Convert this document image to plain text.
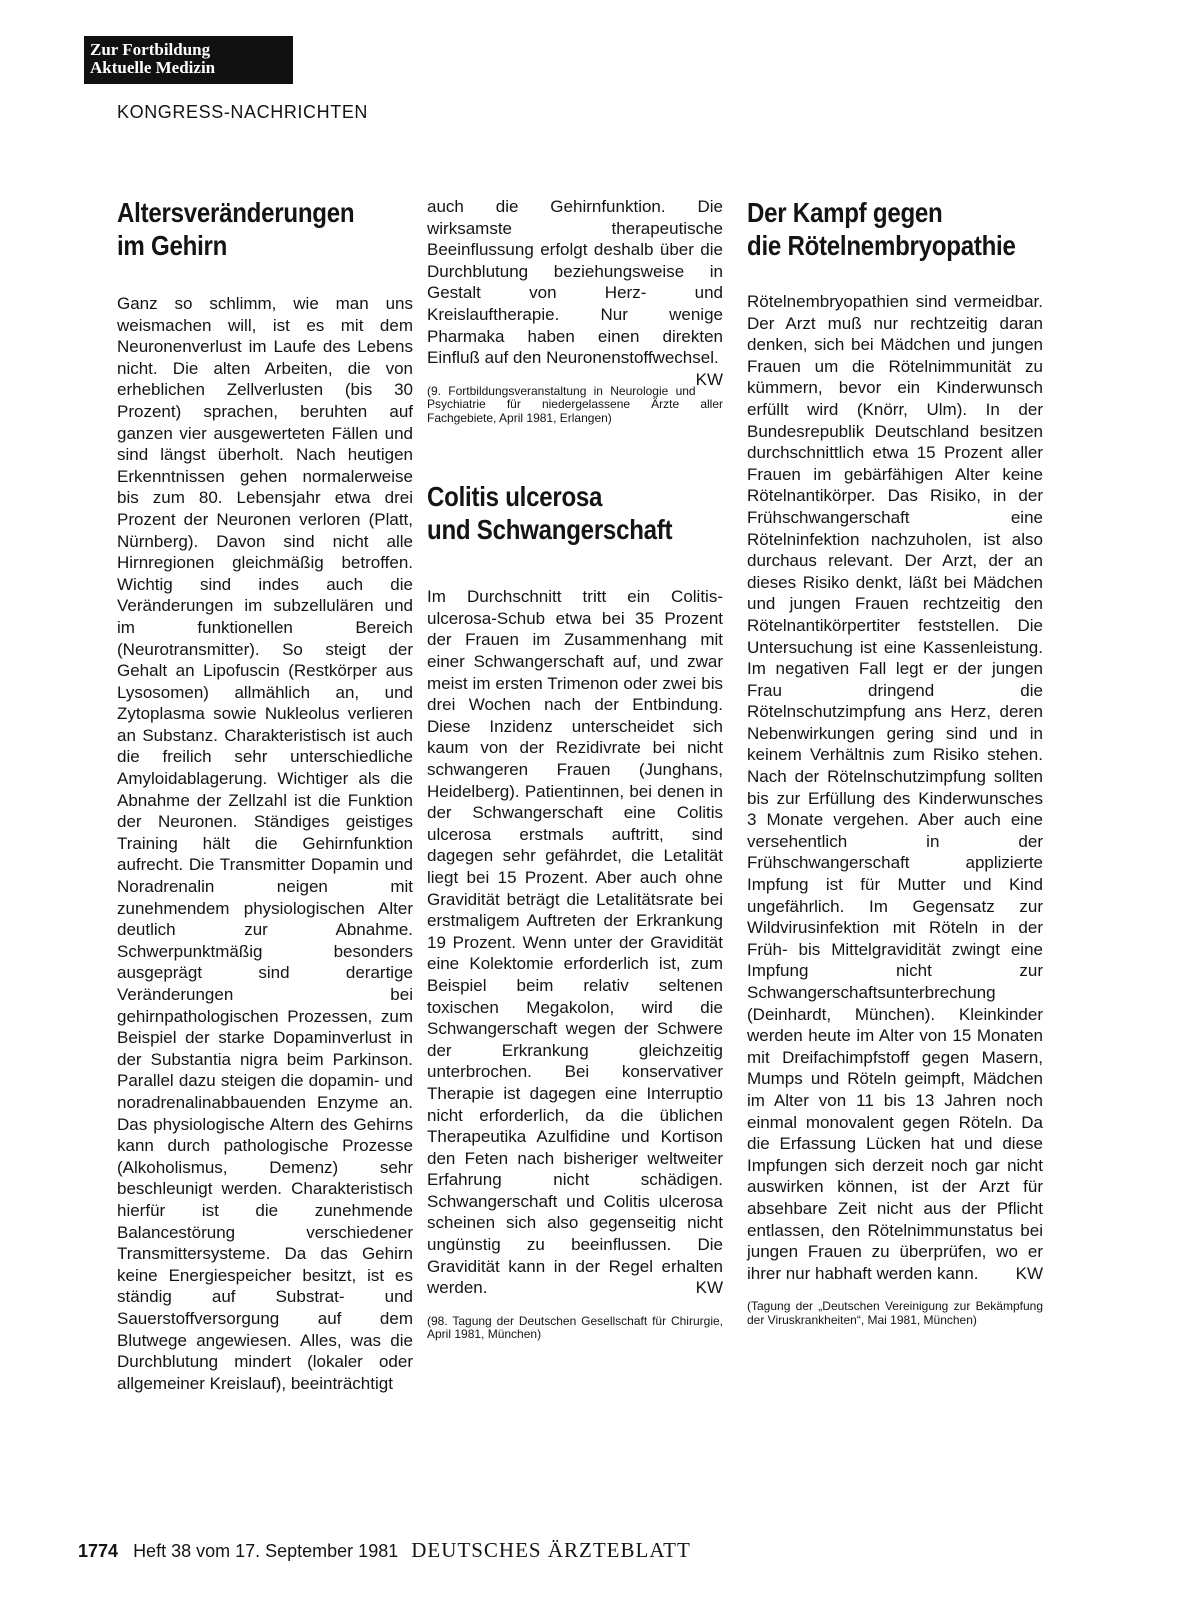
Zur Fortbildung
Aktuelle Medizin
KONGRESS-NACHRICHTEN
Altersveränderungen
im Gehirn

Ganz so schlimm, wie man uns weismachen will, ist es mit dem Neuronenverlust im Laufe des Lebens nicht. Die alten Arbeiten, die von erheblichen Zellverlusten (bis 30 Prozent) sprachen, beruhten auf ganzen vier ausgewerteten Fällen und sind längst überholt. Nach heutigen Erkenntnissen gehen normalerweise bis zum 80. Lebensjahr etwa drei Prozent der Neuronen verloren (Platt, Nürnberg). Davon sind nicht alle Hirnregionen gleichmäßig betroffen. Wichtig sind indes auch die Veränderungen im subzellulären und im funktionellen Bereich (Neurotransmitter). So steigt der Gehalt an Lipofuscin (Restkörper aus Lysosomen) allmählich an, und Zytoplasma sowie Nukleolus verlieren an Substanz. Charakteristisch ist auch die freilich sehr unterschiedliche Amyloidablagerung. Wichtiger als die Abnahme der Zellzahl ist die Funktion der Neuronen. Ständiges geistiges Training hält die Gehirnfunktion aufrecht. Die Transmitter Dopamin und Noradrenalin neigen mit zunehmendem physiologischen Alter deutlich zur Abnahme. Schwerpunktmäßig besonders ausgeprägt sind derartige Veränderungen bei gehirnpathologischen Prozessen, zum Beispiel der starke Dopaminverlust in der Substantia nigra beim Parkinson. Parallel dazu steigen die dopamin- und noradrenalinabbauenden Enzyme an. Das physiologische Altern des Gehirns kann durch pathologische Prozesse (Alkoholismus, Demenz) sehr beschleunigt werden. Charakteristisch hierfür ist die zunehmende Balancestörung verschiedener Transmittersysteme. Da das Gehirn keine Energiespeicher besitzt, ist es ständig auf Substrat- und Sauerstoffversorgung auf dem Blutwege angewiesen. Alles, was die Durchblutung mindert (lokaler oder allgemeiner Kreislauf), beeinträchtigt

auch die Gehirnfunktion. Die wirksamste therapeutische Beeinflussung erfolgt deshalb über die Durchblutung beziehungsweise in Gestalt von Herz- und Kreislauftherapie. Nur wenige Pharmaka haben einen direkten Einfluß auf den Neuronenstoffwechsel.
KW

(9. Fortbildungsveranstaltung in Neurologie und Psychiatrie für niedergelassene Ärzte aller Fachgebiete, April 1981, Erlangen)

Colitis ulcerosa
und Schwangerschaft

Im Durchschnitt tritt ein Colitis-ulcerosa-Schub etwa bei 35 Prozent der Frauen im Zusammenhang mit einer Schwangerschaft auf, und zwar meist im ersten Trimenon oder zwei bis drei Wochen nach der Entbindung. Diese Inzidenz unterscheidet sich kaum von der Rezidivrate bei nicht schwangeren Frauen (Junghans, Heidelberg). Patientinnen, bei denen in der Schwangerschaft eine Colitis ulcerosa erstmals auftritt, sind dagegen sehr gefährdet, die Letalität liegt bei 15 Prozent. Aber auch ohne Gravidität beträgt die Letalitätsrate bei erstmaligem Auftreten der Erkrankung 19 Prozent. Wenn unter der Gravidität eine Kolektomie erforderlich ist, zum Beispiel beim relativ seltenen toxischen Megakolon, wird die Schwangerschaft wegen der Schwere der Erkrankung gleichzeitig unterbrochen. Bei konservativer Therapie ist dagegen eine Interruptio nicht erforderlich, da die üblichen Therapeutika Azulfidine und Kortison den Feten nach bisheriger weltweiter Erfahrung nicht schädigen. Schwangerschaft und Colitis ulcerosa scheinen sich also gegenseitig nicht ungünstig zu beeinflussen. Die Gravidität kann in der Regel erhalten werden.	KW

(98. Tagung der Deutschen Gesellschaft für Chirurgie, April 1981, München)

Der Kampf gegen
die Rötelnembryopathie

Rötelnembryopathien sind vermeidbar. Der Arzt muß nur rechtzeitig daran denken, sich bei Mädchen und jungen Frauen um die Rötelnimmunität zu kümmern, bevor ein Kinderwunsch erfüllt wird (Knörr, Ulm). In der Bundesrepublik Deutschland besitzen durchschnittlich etwa 15 Prozent aller Frauen im gebärfähigen Alter keine Rötelnantikörper. Das Risiko, in der Frühschwangerschaft eine Rötelninfektion nachzuholen, ist also durchaus relevant. Der Arzt, der an dieses Risiko denkt, läßt bei Mädchen und jungen Frauen rechtzeitig den Rötelnantikörpertiter feststellen. Die Untersuchung ist eine Kassenleistung. Im negativen Fall legt er der jungen Frau dringend die Rötelnschutzimpfung ans Herz, deren Nebenwirkungen gering sind und in keinem Verhältnis zum Risiko stehen. Nach der Rötelnschutzimpfung sollten bis zur Erfüllung des Kinderwunsches 3 Monate vergehen. Aber auch eine versehentlich in der Frühschwangerschaft applizierte Impfung ist für Mutter und Kind ungefährlich. Im Gegensatz zur Wildvirusinfektion mit Röteln in der Früh- bis Mittelgravidität zwingt eine Impfung nicht zur Schwangerschaftsunterbrechung (Deinhardt, München). Kleinkinder werden heute im Alter von 15 Monaten mit Dreifachimpfstoff gegen Masern, Mumps und Röteln geimpft, Mädchen im Alter von 11 bis 13 Jahren noch einmal monovalent gegen Röteln. Da die Erfassung Lücken hat und diese Impfungen sich derzeit noch gar nicht auswirken können, ist der Arzt für absehbare Zeit nicht aus der Pflicht entlassen, den Rötelnimmunstatus bei jungen Frauen zu überprüfen, wo er ihrer nur habhaft werden kann. KW

(Tagung der „Deutschen Vereinigung zur Bekämpfung der Viruskrankheiten“, Mai 1981, München)

1774 Heft 38 vom 17. September 1981 DEUTSCHES ÄRZTEBLATT
